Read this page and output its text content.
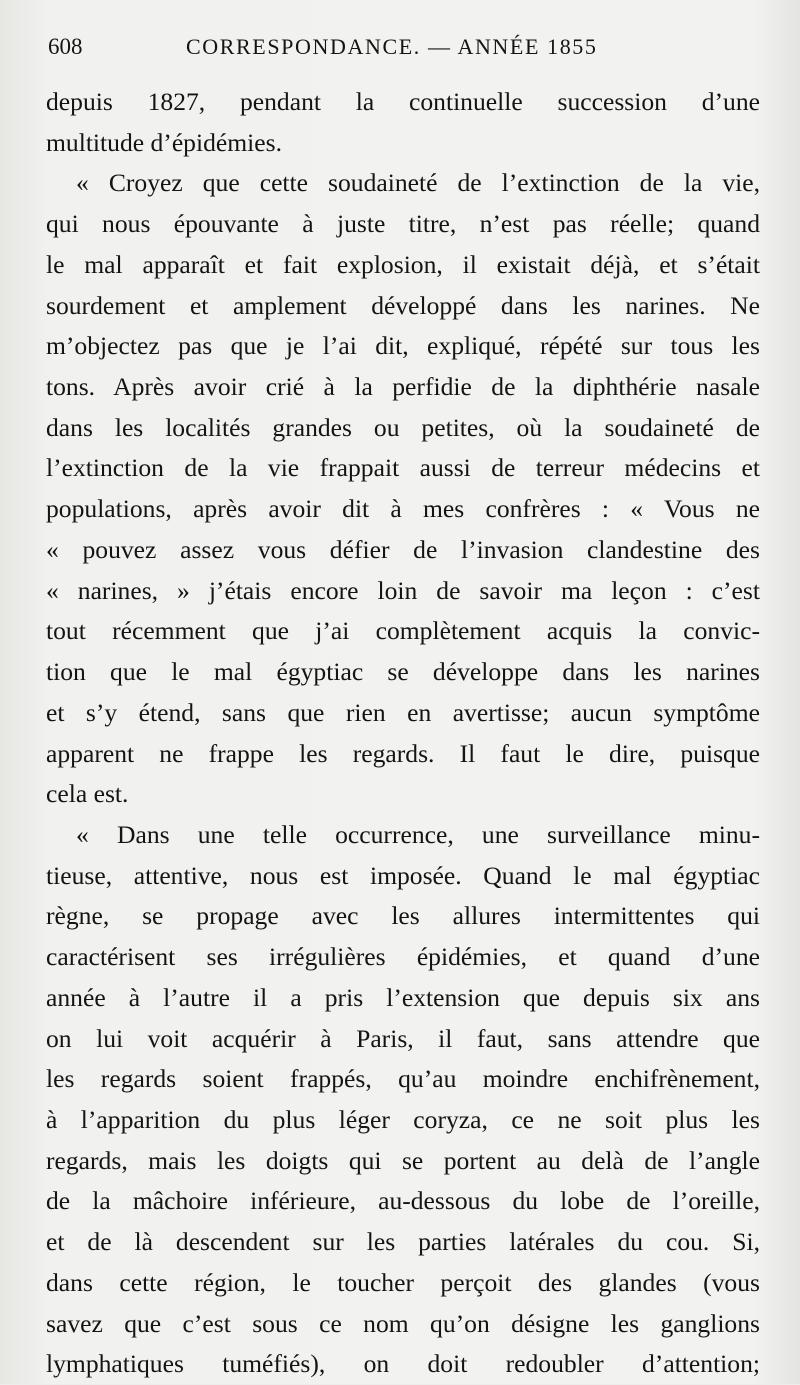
608	CORRESPONDANCE. — ANNÉE 1855
depuis 1827, pendant la continuelle succession d’une
multitude d’épidémies.
« Croyez que cette soudaineté de l’extinction de la vie,
qui nous épouvante à juste titre, n’est pas réelle; quand
le mal apparaît et fait explosion, il existait déjà, et s’était
sourdement et amplement développé dans les narines. Ne
m’objectez pas que je l’ai dit, expliqué, répété sur tous les
tons. Après avoir crié à la perfidie de la diphthérie nasale
dans les localités grandes ou petites, où la soudaineté de
l’extinction de la vie frappait aussi de terreur médecins et
populations, après avoir dit à mes confrères : « Vous ne
« pouvez assez vous défier de l’invasion clandestine des
« narines, » j’étais encore loin de savoir ma leçon : c’est
tout récemment que j’ai complètement acquis la convic-
tion que le mal égyptiac se développe dans les narines
et s’y étend, sans que rien en avertisse; aucun symptôme
apparent ne frappe les regards. Il faut le dire, puisque
cela est.
« Dans une telle occurrence, une surveillance minu-
tieuse, attentive, nous est imposée. Quand le mal égyptiac
règne, se propage avec les allures intermittentes qui
caractérisent ses irrégulières épidémies, et quand d’une
année à l’autre il a pris l’extension que depuis six ans
on lui voit acquérir à Paris, il faut, sans attendre que
les regards soient frappés, qu’au moindre enchifrènement,
à l’apparition du plus léger coryza, ce ne soit plus les
regards, mais les doigts qui se portent au delà de l’angle
de la mâchoire inférieure, au-dessous du lobe de l’oreille,
et de là descendent sur les parties latérales du cou. Si,
dans cette région, le toucher perçoit des glandes (vous
savez que c’est sous ce nom qu’on désigne les ganglions
lymphatiques tuméfiés), on doit redoubler d’attention;
